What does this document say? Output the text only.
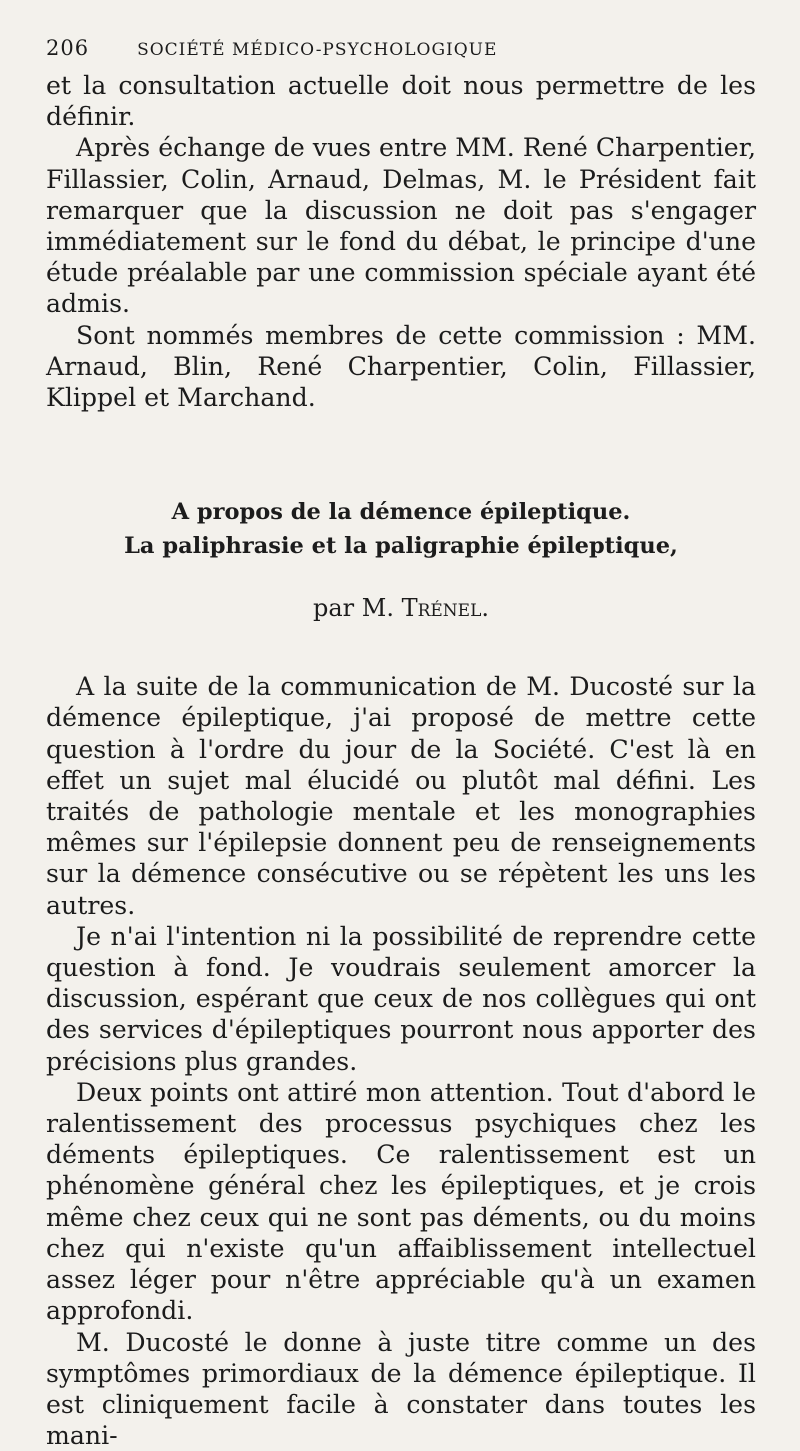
206	SOCIÉTÉ MÉDICO-PSYCHOLOGIQUE

et la consultation actuelle doit nous permettre de les définir.

Après échange de vues entre MM. René Charpentier, Fillassier, Colin, Arnaud, Delmas, M. le Président fait remarquer que la discussion ne doit pas s'engager immédiatement sur le fond du débat, le principe d'une étude préalable par une commission spéciale ayant été admis.

Sont nommés membres de cette commission : MM. Arnaud, Blin, René Charpentier, Colin, Fillassier, Klippel et Marchand.

A propos de la démence épileptique.

La paliphrasie et la paligraphie épileptique,

par M. Trénel.

A la suite de la communication de M. Ducosté sur la démence épileptique, j'ai proposé de mettre cette question à l'ordre du jour de la Société. C'est là en effet un sujet mal élucidé ou plutôt mal défini. Les traités de pathologie mentale et les monographies mêmes sur l'épilepsie donnent peu de renseignements sur la démence consécutive ou se répètent les uns les autres.

Je n'ai l'intention ni la possibilité de reprendre cette question à fond. Je voudrais seulement amorcer la discussion, espérant que ceux de nos collègues qui ont des services d'épileptiques pourront nous apporter des précisions plus grandes.

Deux points ont attiré mon attention. Tout d'abord le ralentissement des processus psychiques chez les déments épileptiques. Ce ralentissement est un phénomène général chez les épileptiques, et je crois même chez ceux qui ne sont pas déments, ou du moins chez qui n'existe qu'un affaiblissement intellectuel assez léger pour n'être appréciable qu'à un examen approfondi.

M. Ducosté le donne à juste titre comme un des symptômes primordiaux de la démence épileptique. Il est cliniquement facile à constater dans toutes les mani-
